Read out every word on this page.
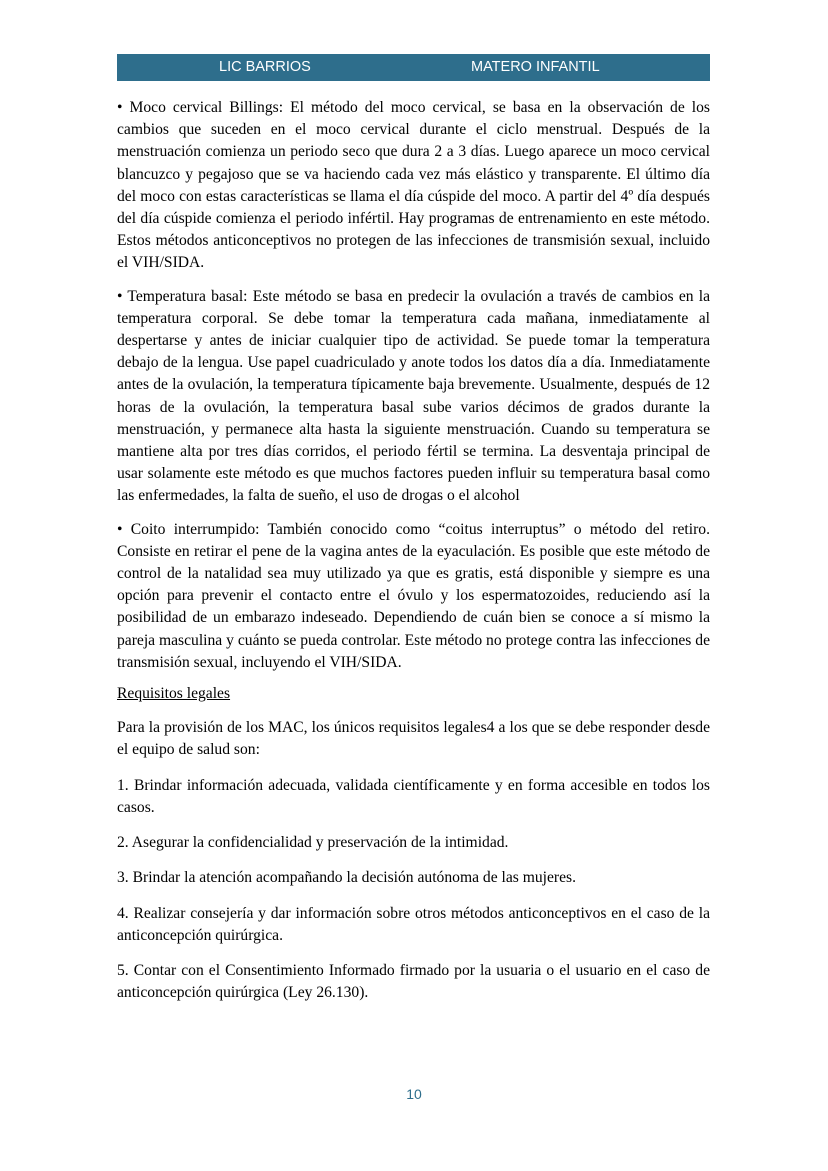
LIC BARRIOS	MATERO INFANTIL

• Moco cervical Billings: El método del moco cervical, se basa en la observación de los cambios que suceden en el moco cervical durante el ciclo menstrual. Después de la menstruación comienza un periodo seco que dura 2 a 3 días. Luego aparece un moco cervical blancuzco y pegajoso que se va haciendo cada vez más elástico y transparente. El último día del moco con estas características se llama el día cúspide del moco. A partir del 4º día después del día cúspide comienza el periodo infértil. Hay programas de entrenamiento en este método. Estos métodos anticonceptivos no protegen de las infecciones de transmisión sexual, incluido el VIH/SIDA.

• Temperatura basal: Este método se basa en predecir la ovulación a través de cambios en la temperatura corporal. Se debe tomar la temperatura cada mañana, inmediatamente al despertarse y antes de iniciar cualquier tipo de actividad. Se puede tomar la temperatura debajo de la lengua. Use papel cuadriculado y anote todos los datos día a día. Inmediatamente antes de la ovulación, la temperatura típicamente baja brevemente. Usualmente, después de 12 horas de la ovulación, la temperatura basal sube varios décimos de grados durante la menstruación, y permanece alta hasta la siguiente menstruación. Cuando su temperatura se mantiene alta por tres días corridos, el periodo fértil se termina. La desventaja principal de usar solamente este método es que muchos factores pueden influir su temperatura basal como las enfermedades, la falta de sueño, el uso de drogas o el alcohol

• Coito interrumpido: También conocido como “coitus interruptus” o método del retiro. Consiste en retirar el pene de la vagina antes de la eyaculación. Es posible que este método de control de la natalidad sea muy utilizado ya que es gratis, está disponible y siempre es una opción para prevenir el contacto entre el óvulo y los espermatozoides, reduciendo así la posibilidad de un embarazo indeseado. Dependiendo de cuán bien se conoce a sí mismo la pareja masculina y cuánto se pueda controlar. Este método no protege contra las infecciones de transmisión sexual, incluyendo el VIH/SIDA.

Requisitos legales

Para la provisión de los MAC, los únicos requisitos legales4 a los que se debe responder desde el equipo de salud son:

1. Brindar información adecuada, validada científicamente y en forma accesible en todos los casos.

2. Asegurar la confidencialidad y preservación de la intimidad.

3. Brindar la atención acompañando la decisión autónoma de las mujeres.

4. Realizar consejería y dar información sobre otros métodos anticonceptivos en el caso de la anticoncepción quirúrgica.

5. Contar con el Consentimiento Informado firmado por la usuaria o el usuario en el caso de anticoncepción quirúrgica (Ley 26.130).

10
